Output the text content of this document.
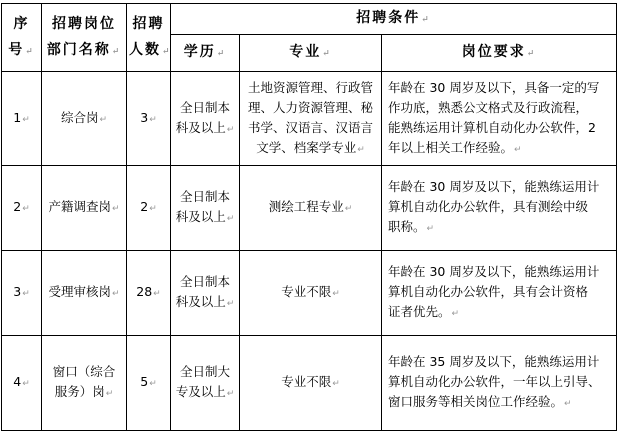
序
号 ↵	招聘岗位
部门名称 ↵	招聘
人数 ↵	招聘条件 ↵
			学历 ↵	专业 ↵	岗位要求 ↵
1 ↵	综合岗 ↵	3 ↵	全日制本
科及以上 ↵	土地资源管理、行政管
理、人力资源管理、秘
书学、汉语言、汉语言
文学、档案学专业 ↵	年龄在 30 周岁及以下，具备一定的写
作功底，熟悉公文格式及行政流程，
能熟练运用计算机自动化办公软件，2
年以上相关工作经验。 ↵

2 ↵	产籍调查岗 ↵	2 ↵	全日制本
科及以上 ↵	测绘工程专业 ↵	年龄在 30 周岁及以下，能熟练运用计
算机自动化办公软件，具有测绘中级
职称。 ↵

3 ↵	受理审核岗 ↵	28 ↵	全日制本
科及以上 ↵	专业不限 ↵	年龄在 30 周岁及以下，能熟练运用计
算机自动化办公软件，具有会计资格
证者优先。 ↵

4 ↵	窗口（综合
服务）岗 ↵	5 ↵	全日制大
专及以上 ↵	专业不限 ↵	年龄在 35 周岁及以下，能熟练运用计
算机自动化办公软件，一年以上引导、
窗口服务等相关岗位工作经验。 ↵
